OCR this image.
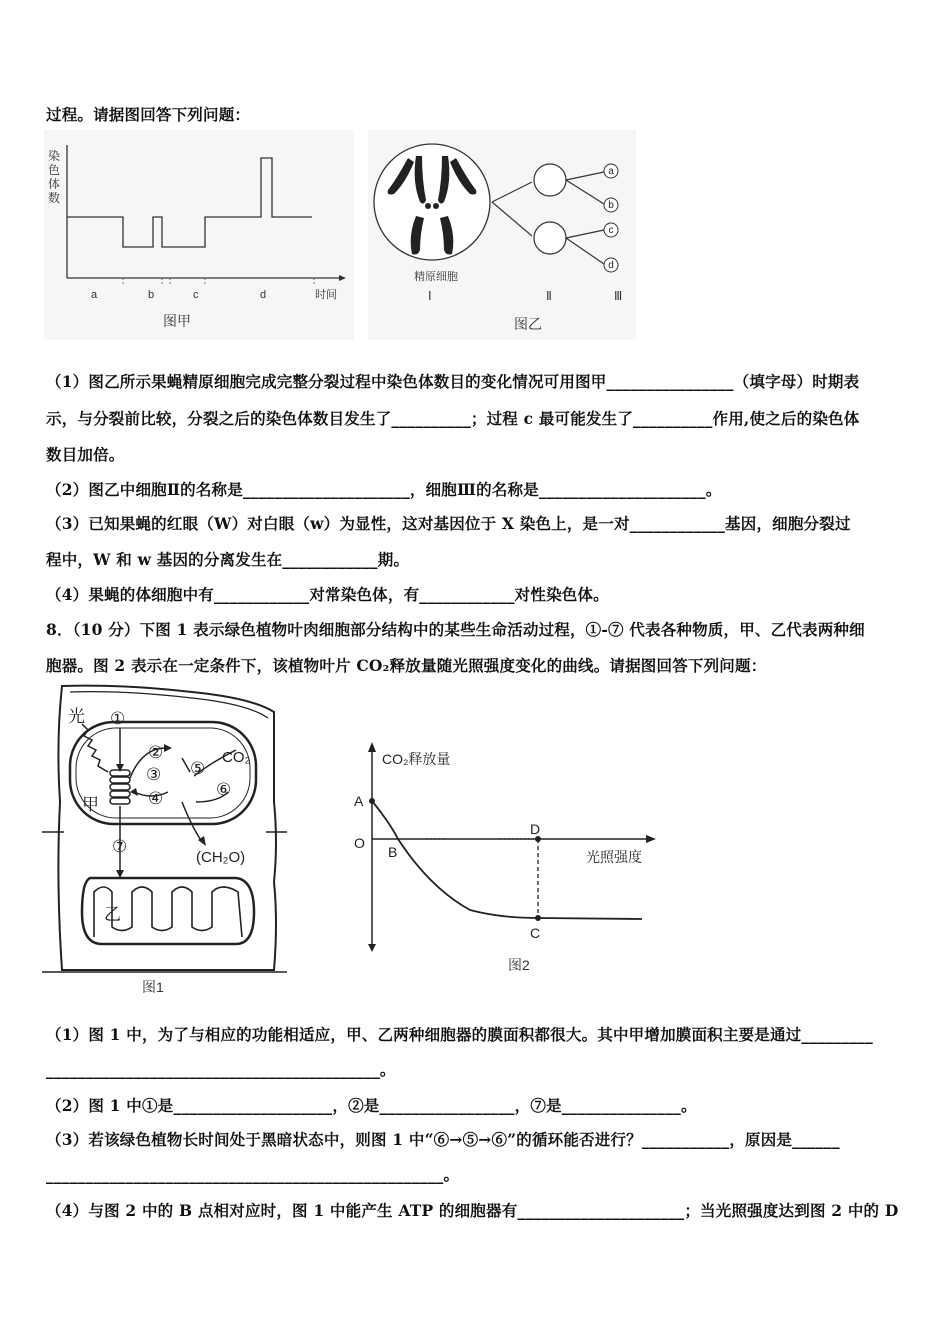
过程。请据图回答下列问题：
染
色
体
数
a	b	c	d	时间
图甲
精原细胞
Ⅰ
a
b
c
d
Ⅱ	Ⅲ
图乙
（1）图乙所示果蝇精原细胞完成完整分裂过程中染色体数目的变化情况可用图甲________________（填字母）时期表
示，与分裂前比较，分裂之后的染色体数目发生了__________；过程 c 最可能发生了__________作用,使之后的染色体
数目加倍。
（2）图乙中细胞Ⅱ的名称是_____________________，细胞Ⅲ的名称是_____________________。
（3）已知果蝇的红眼（W）对白眼（w）为显性，这对基因位于 X 染色上，是一对____________基因，细胞分裂过
程中，W 和 w 基因的分离发生在____________期。
（4）果蝇的体细胞中有____________对常染色体，有____________对性染色体。
8．（10 分）下图 1 表示绿色植物叶肉细胞部分结构中的某些生命活动过程，①-⑦ 代表各种物质，甲、乙代表两种细
胞器。图 2 表示在一定条件下，该植物叶片 CO₂释放量随光照强度变化的曲线。请据图回答下列问题：
光 ①
②	CO₂
③ ⑤
⑥
④
甲
⑦
(CH₂O)
乙
图1
CO₂释放量
A
O
B
D
光照强度
C
图2
（1）图 1 中，为了与相应的功能相适应，甲、乙两种细胞器的膜面积都很大。其中甲增加膜面积主要是通过_________
__________________________________________。
（2）图 1 中①是____________________，②是_________________，⑦是_______________。
（3）若该绿色植物长时间处于黑暗状态中，则图 1 中“⑥→⑤→⑥”的循环能否进行？___________，原因是______
__________________________________________________。
（4）与图 2 中的 B 点相对应时，图 1 中能产生 ATP 的细胞器有_____________________；当光照强度达到图 2 中的 D
